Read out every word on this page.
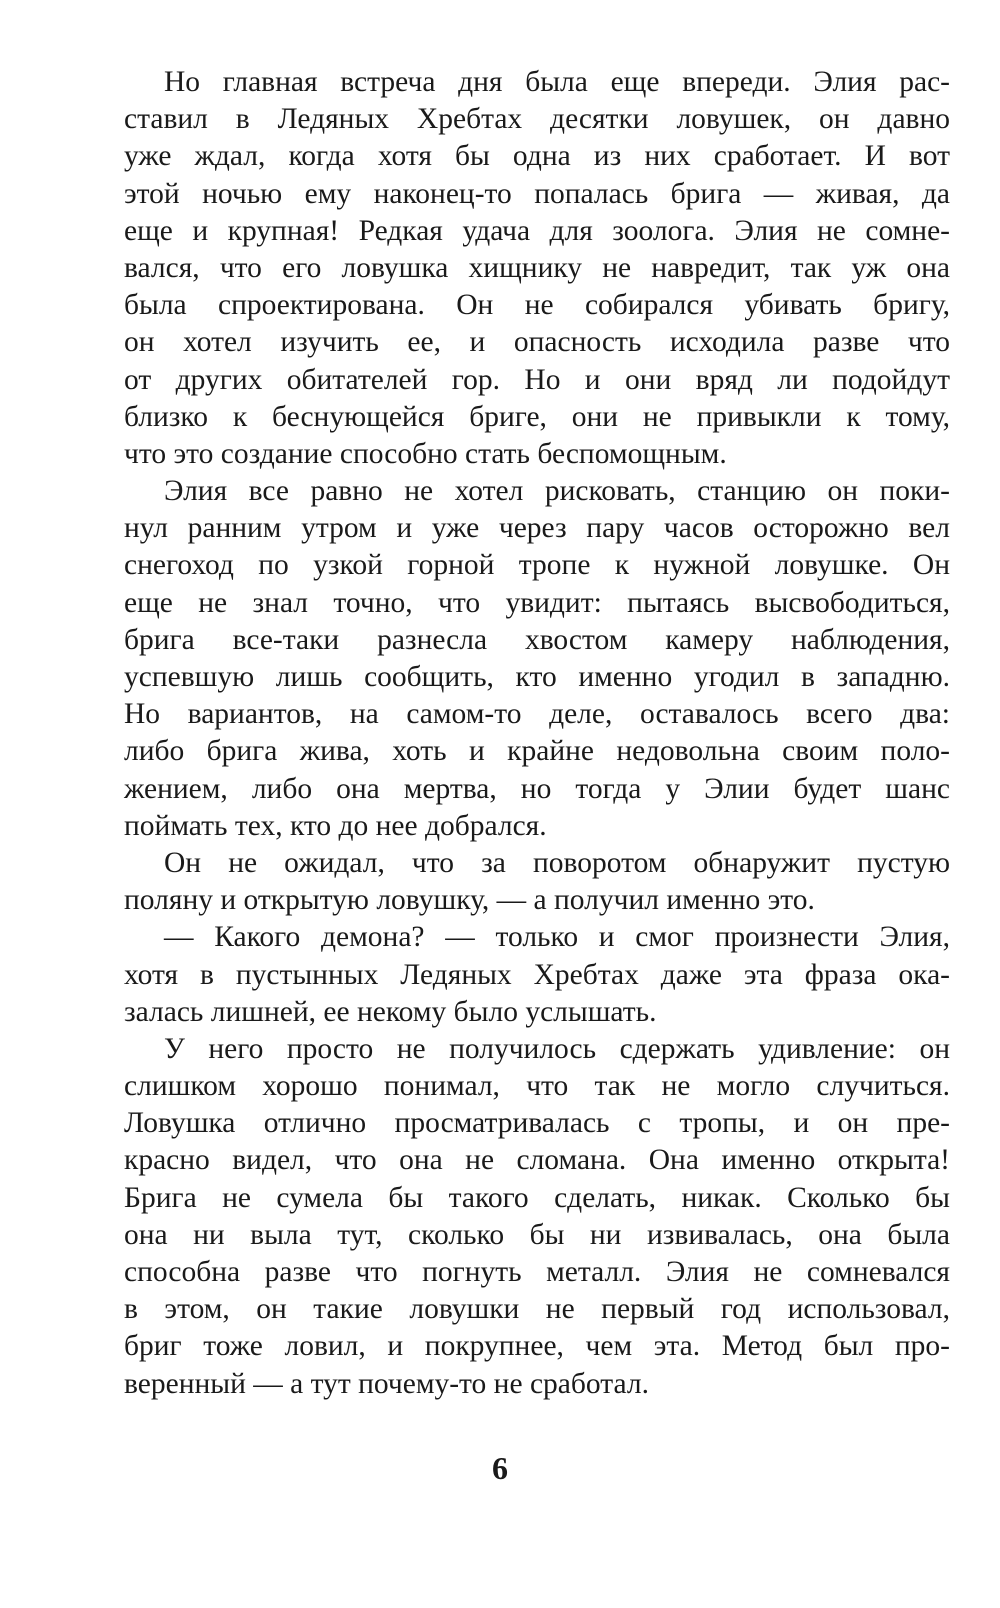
Но главная встреча дня была еще впереди. Элия рас-
ставил в Ледяных Хребтах десятки ловушек, он давно
уже ждал, когда хотя бы одна из них сработает. И вот
этой ночью ему наконец-то попалась брига — живая, да
еще и крупная! Редкая удача для зоолога. Элия не сомне-
вался, что его ловушка хищнику не навредит, так уж она
была спроектирована. Он не собирался убивать бригу,
он хотел изучить ее, и опасность исходила разве что
от других обитателей гор. Но и они вряд ли подойдут
близко к беснующейся бриге, они не привыкли к тому,
что это создание способно стать беспомощным.
Элия все равно не хотел рисковать, станцию он поки-
нул ранним утром и уже через пару часов осторожно вел
снегоход по узкой горной тропе к нужной ловушке. Он
еще не знал точно, что увидит: пытаясь высвободиться,
брига все-таки разнесла хвостом камеру наблюдения,
успевшую лишь сообщить, кто именно угодил в западню.
Но вариантов, на самом-то деле, оставалось всего два:
либо брига жива, хоть и крайне недовольна своим поло-
жением, либо она мертва, но тогда у Элии будет шанс
поймать тех, кто до нее добрался.
Он не ожидал, что за поворотом обнаружит пустую
поляну и открытую ловушку, — а получил именно это.
— Какого демона? — только и смог произнести Элия,
хотя в пустынных Ледяных Хребтах даже эта фраза ока-
залась лишней, ее некому было услышать.
У него просто не получилось сдержать удивление: он
слишком хорошо понимал, что так не могло случиться.
Ловушка отлично просматривалась с тропы, и он пре-
красно видел, что она не сломана. Она именно открыта!
Брига не сумела бы такого сделать, никак. Сколько бы
она ни выла тут, сколько бы ни извивалась, она была
способна разве что погнуть металл. Элия не сомневался
в этом, он такие ловушки не первый год использовал,
бриг тоже ловил, и покрупнее, чем эта. Метод был про-
веренный — а тут почему-то не сработал.
6
